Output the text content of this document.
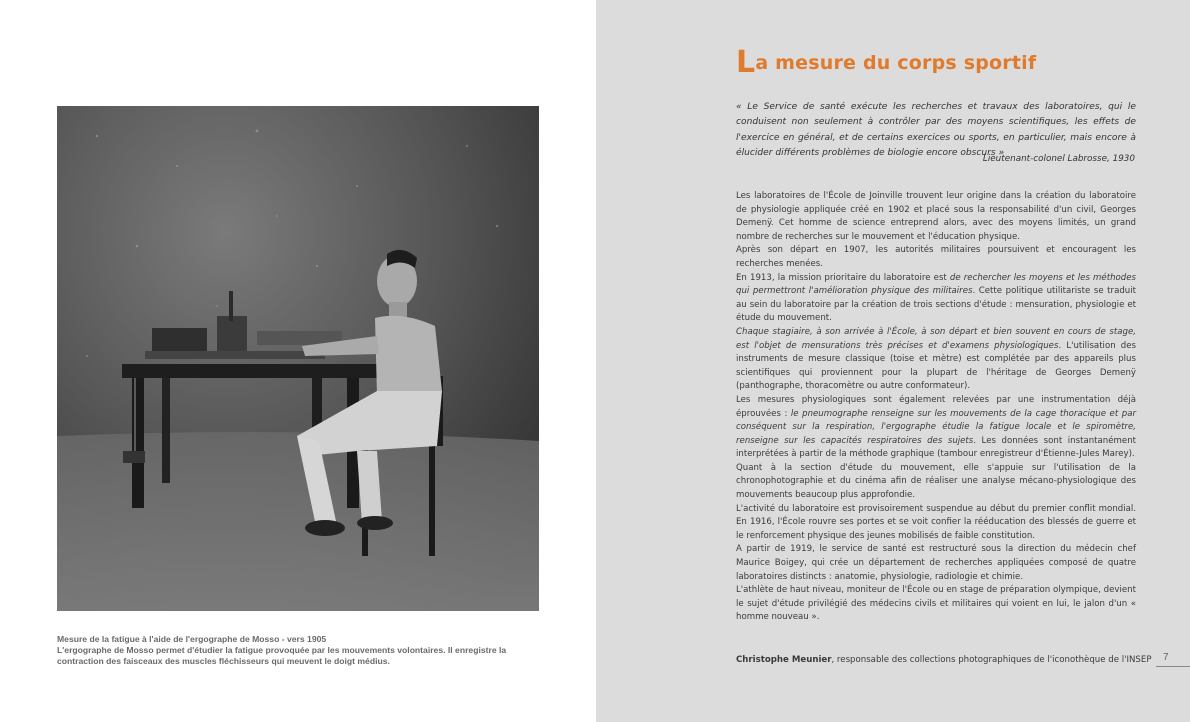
Mesure de la fatigue à l'aide de l'ergographe de Mosso - vers 1905
L'ergographe de Mosso permet d'étudier la fatigue provoquée par les mouvements volontaires. Il enregistre la contraction des faisceaux des muscles fléchisseurs qui meuvent le doigt médius.
La mesure du corps sportif
« Le Service de santé exécute les recherches et travaux des laboratoires, qui le conduisent non seulement à contrôler par des moyens scientifiques, les effets de l'exercice en général, et de certains exercices ou sports, en particulier, mais encore à élucider différents problèmes de biologie encore obscurs »
Lieutenant-colonel Labrosse, 1930

Les laboratoires de l'École de Joinville trouvent leur origine dans la création du laboratoire de physiologie appliquée créé en 1902 et placé sous la responsabilité d'un civil, Georges Demenÿ. Cet homme de science entreprend alors, avec des moyens limités, un grand nombre de recherches sur le mouvement et l'éducation physique.

Après son départ en 1907, les autorités militaires poursuivent et encouragent les recherches menées.

En 1913, la mission prioritaire du laboratoire est de rechercher les moyens et les méthodes qui permettront l'amélioration physique des militaires. Cette politique utilitariste se traduit au sein du laboratoire par la création de trois sections d'étude : mensuration, physiologie et étude du mouvement.

Chaque stagiaire, à son arrivée à l'École, à son départ et bien souvent en cours de stage, est l'objet de mensurations très précises et d'examens physiologiques. L'utilisation des instruments de mesure classique (toise et mètre) est complétée par des appareils plus scientifiques qui proviennent pour la plupart de l'héritage de Georges Demenÿ (panthographe, thoracomètre ou autre conformateur).

Les mesures physiologiques sont également relevées par une instrumentation déjà éprouvées : le pneumographe renseigne sur les mouvements de la cage thoracique et par conséquent sur la respiration, l'ergographe étudie la fatigue locale et le spiromètre, renseigne sur les capacités respiratoires des sujets. Les données sont instantanément interprétées à partir de la méthode graphique (tambour enregistreur d'Étienne-Jules Marey).

Quant à la section d'étude du mouvement, elle s'appuie sur l'utilisation de la chronophotographie et du cinéma afin de réaliser une analyse mécano-physiologique des mouvements beaucoup plus approfondie.

L'activité du laboratoire est provisoirement suspendue au début du premier conflit mondial. En 1916, l'École rouvre ses portes et se voit confier la rééducation des blessés de guerre et le renforcement physique des jeunes mobilisés de faible constitution.

A partir de 1919, le service de santé est restructuré sous la direction du médecin chef Maurice Boigey, qui crée un département de recherches appliquées composé de quatre laboratoires distincts : anatomie, physiologie, radiologie et chimie.

L'athlète de haut niveau, moniteur de l'École ou en stage de préparation olympique, devient le sujet d'étude privilégié des médecins civils et militaires qui voient en lui, le jalon d'un « homme nouveau ».

Christophe Meunier, responsable des collections photographiques de l'iconothèque de l'INSEP 7
